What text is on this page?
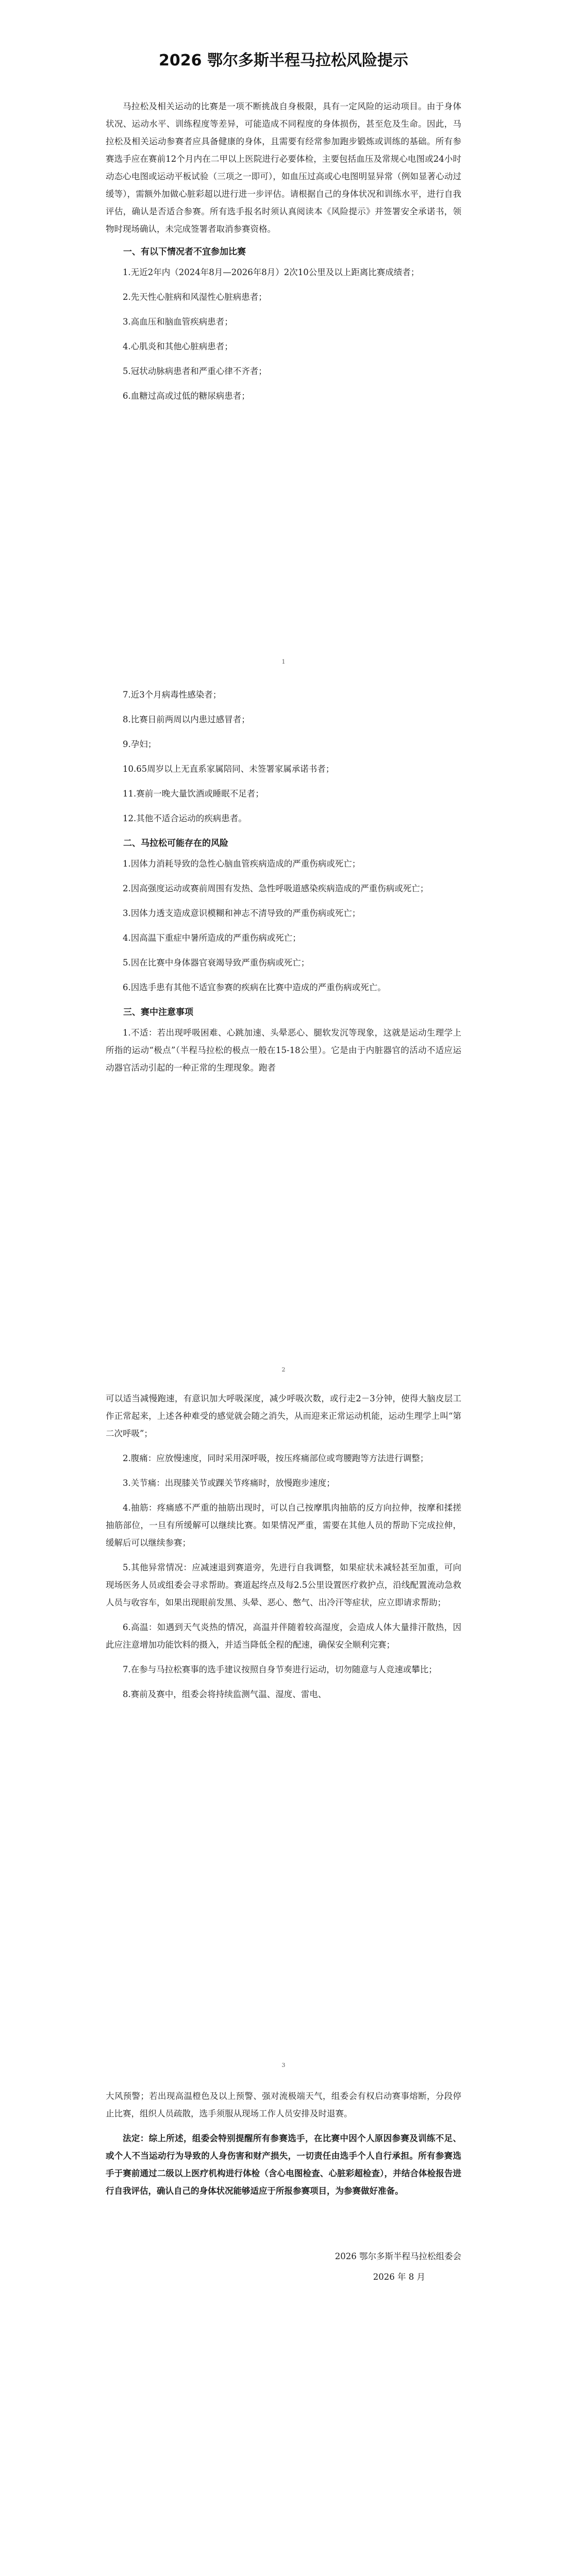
2026 鄂尔多斯半程马拉松风险提示

马拉松及相关运动的比赛是一项不断挑战自身极限，具有一定风险的运动项目。由于身体状况、运动水平、训练程度等差异，可能造成不同程度的身体损伤，甚至危及生命。因此，马拉松及相关运动参赛者应具备健康的身体，且需要有经常参加跑步锻炼或训练的基础。所有参赛选手应在赛前12个月内在二甲以上医院进行必要体检，主要包括血压及常规心电图或24小时动态心电图或运动平板试验（三项之一即可），如血压过高或心电图明显异常（例如显著心动过缓等），需额外加做心脏彩超以进行进一步评估。请根据自己的身体状况和训练水平，进行自我评估，确认是否适合参赛。所有选手报名时须认真阅读本《风险提示》并签署安全承诺书，领物时现场确认，未完成签署者取消参赛资格。

一、有以下情况者不宜参加比赛
1.无近2年内（2024年8月—2026年8月）2次10公里及以上距离比赛成绩者；
2.先天性心脏病和风湿性心脏病患者；
3.高血压和脑血管疾病患者；
4.心肌炎和其他心脏病患者；
5.冠状动脉病患者和严重心律不齐者；
6.血糖过高或过低的糖尿病患者；
1
7.近3个月病毒性感染者；
8.比赛日前两周以内患过感冒者；
9.孕妇；
10.65周岁以上无直系家属陪同、未签署家属承诺书者；
11.赛前一晚大量饮酒或睡眠不足者；
12.其他不适合运动的疾病患者。
二、马拉松可能存在的风险
1.因体力消耗导致的急性心脑血管疾病造成的严重伤病或死亡；
2.因高强度运动或赛前周围有发热、急性呼吸道感染疾病造成的严重伤病或死亡；
3.因体力透支造成意识模糊和神志不清导致的严重伤病或死亡；
4.因高温下重症中暑所造成的严重伤病或死亡；
5.因在比赛中身体器官衰竭导致严重伤病或死亡；
6.因选手患有其他不适宜参赛的疾病在比赛中造成的严重伤病或死亡。
三、赛中注意事项
1.不适：若出现呼吸困难、心跳加速、头晕恶心、腿软发沉等现象，这就是运动生理学上所指的运动“极点”（半程马拉松的极点一般在15-18公里）。它是由于内脏器官的活动不适应运动器官活动引起的一种正常的生理现象。跑者
2
可以适当减慢跑速，有意识加大呼吸深度，减少呼吸次数，或行走2－3分钟，使得大脑皮层工作正常起来，上述各种难受的感觉就会随之消失，从而迎来正常运动机能，运动生理学上叫“第二次呼吸”；
2.腹痛：应放慢速度，同时采用深呼吸，按压疼痛部位或弯腰跑等方法进行调整；
3.关节痛：出现膝关节或踝关节疼痛时，放慢跑步速度；
4.抽筋：疼痛感不严重的抽筋出现时，可以自己按摩肌肉抽筋的反方向拉伸，按摩和揉搓抽筋部位，一旦有所缓解可以继续比赛。如果情况严重，需要在其他人员的帮助下完成拉伸，缓解后可以继续参赛；
5.其他异常情况：应减速退到赛道旁，先进行自我调整，如果症状未减轻甚至加重，可向现场医务人员或组委会寻求帮助。赛道起终点及每2.5公里设置医疗救护点，沿线配置流动急救人员与收容车，如果出现眼前发黑、头晕、恶心、憋气、出冷汗等症状，应立即请求帮助；
6.高温：如遇到天气炎热的情况，高温并伴随着较高湿度，会造成人体大量排汗散热，因此应注意增加功能饮料的摄入，并适当降低全程的配速，确保安全顺利完赛；
7.在参与马拉松赛事的选手建议按照自身节奏进行运动，切勿随意与人竞速或攀比；
8.赛前及赛中，组委会将持续监测气温、湿度、雷电、
3
大风预警；若出现高温橙色及以上预警、强对流极端天气，组委会有权启动赛事熔断，分段停止比赛，组织人员疏散，选手须服从现场工作人员安排及时退赛。

法定：综上所述，组委会特别提醒所有参赛选手，在比赛中因个人原因参赛及训练不足、或个人不当运动行为导致的人身伤害和财产损失，一切责任由选手个人自行承担。所有参赛选手于赛前通过二级以上医疗机构进行体检（含心电图检查、心脏彩超检查），并结合体检报告进行自我评估，确认自己的身体状况能够适应于所报参赛项目，为参赛做好准备。

2026 鄂尔多斯半程马拉松组委会
2026 年 8 月
